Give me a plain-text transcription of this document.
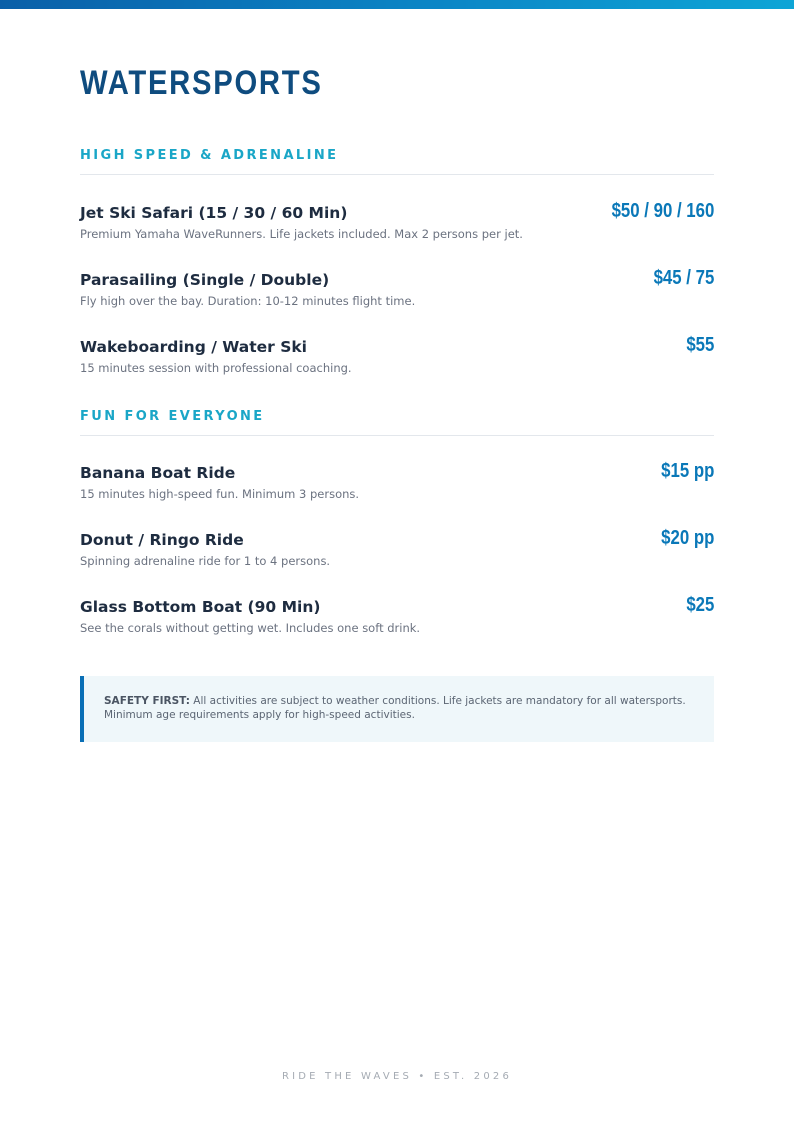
WATERSPORTS
HIGH SPEED & ADRENALINE
Jet Ski Safari (15 / 30 / 60 Min)
Premium Yamaha WaveRunners. Life jackets included. Max 2 persons per jet.
$50 / 90 / 160
Parasailing (Single / Double)
Fly high over the bay. Duration: 10-12 minutes flight time.
$45 / 75
Wakeboarding / Water Ski
15 minutes session with professional coaching.
$55
FUN FOR EVERYONE
Banana Boat Ride
15 minutes high-speed fun. Minimum 3 persons.
$15 pp
Donut / Ringo Ride
Spinning adrenaline ride for 1 to 4 persons.
$20 pp
Glass Bottom Boat (90 Min)
See the corals without getting wet. Includes one soft drink.
$25

SAFETY FIRST: All activities are subject to weather conditions. Life jackets are mandatory for all watersports. Minimum age requirements apply for high-speed activities.

RIDE THE WAVES • EST. 2026
